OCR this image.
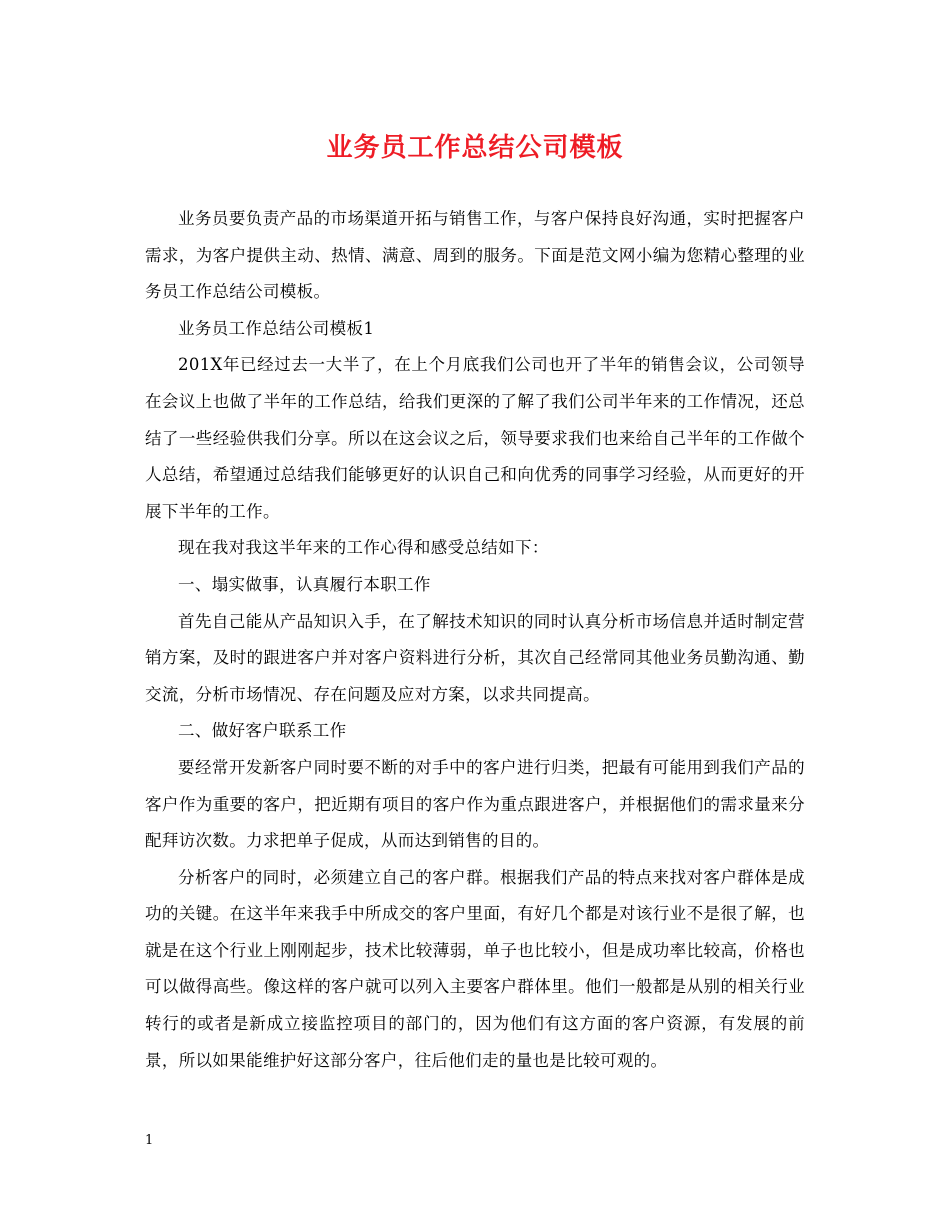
业务员工作总结公司模板

业务员要负责产品的市场渠道开拓与销售工作，与客户保持良好沟通，实时把握客户需求，为客户提供主动、热情、满意、周到的服务。下面是范文网小编为您精心整理的业务员工作总结公司模板。

业务员工作总结公司模板1

201X年已经过去一大半了，在上个月底我们公司也开了半年的销售会议，公司领导在会议上也做了半年的工作总结，给我们更深的了解了我们公司半年来的工作情况，还总结了一些经验供我们分享。所以在这会议之后，领导要求我们也来给自己半年的工作做个人总结，希望通过总结我们能够更好的认识自己和向优秀的同事学习经验，从而更好的开展下半年的工作。

现在我对我这半年来的工作心得和感受总结如下：

一、塌实做事，认真履行本职工作

首先自己能从产品知识入手，在了解技术知识的同时认真分析市场信息并适时制定营销方案，及时的跟进客户并对客户资料进行分析，其次自己经常同其他业务员勤沟通、勤交流，分析市场情况、存在问题及应对方案，以求共同提高。

二、做好客户联系工作

要经常开发新客户同时要不断的对手中的客户进行归类，把最有可能用到我们产品的客户作为重要的客户，把近期有项目的客户作为重点跟进客户，并根据他们的需求量来分配拜访次数。力求把单子促成，从而达到销售的目的。

分析客户的同时，必须建立自己的客户群。根据我们产品的特点来找对客户群体是成功的关键。在这半年来我手中所成交的客户里面，有好几个都是对该行业不是很了解，也就是在这个行业上刚刚起步，技术比较薄弱，单子也比较小，但是成功率比较高，价格也可以做得高些。像这样的客户就可以列入主要客户群体里。他们一般都是从别的相关行业转行的或者是新成立接监控项目的部门的，因为他们有这方面的客户资源，有发展的前景，所以如果能维护好这部分客户，往后他们走的量也是比较可观的。

1
